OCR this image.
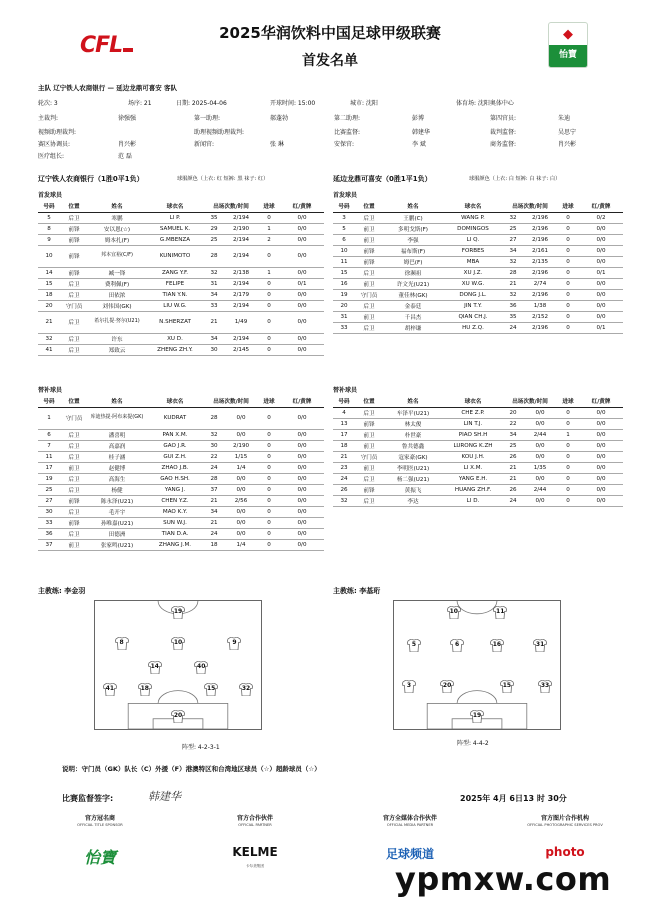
CFL	2025华润饮料中国足球甲级联赛
首发名单
◆
怡寶
主队 辽宁铁人农商银行 — 延边龙鼎可喜安 客队
轮次: 3	场序: 21	日期: 2025-04-06	开球时间: 15:00	城市: 沈阳	体育场: 沈阳奥体中心
主裁判:	徐强强	第一助理:	郝蓬勃	第二助理:	彭博	第四官员:	朱迪
视频助理裁判:	助理视频助理裁判:	比赛监督:	韩建华	裁判监督:	吴思宁
赛区协调员:	肖兴彬	新闻官:	张 琳	安保官:	李 斌	商务监督:	肖兴彬
医疗组长:	范 磊
辽宁铁人农商银行（1胜0平1负）	球服颜色（上衣: 红 短裤: 黑 袜子: 红）	延边龙鼎可喜安（0胜1平1负）	球服颜色（上衣: 白 短裤: 白 袜子: 白）
首发球员	首发球员
替补球员	替补球员
号码	位置	姓名	球衣名	出场次数/时间		进球	红/黄牌
5	后卫	寒鹏	LI P.	35	2/194	0	0/0
8	前锋	安以恩(☆)	SAMUEL K.	29	2/190	1	0/0
9	前锋	姆本扎(F)	G.MBENZA	25	2/194	2	0/0
10	前锋	邦本宜裕(C/F)	KUNIMOTO	28	2/194	0	0/0
14	前锋	臧一锋	ZANG Y.F.	32	2/138	1	0/0
15	后卫	费利佩(F)	FELIPE	31	2/194	0	0/1
18	后卫	田依浓	TIAN Y.N.	34	2/179	0	0/0
20	守门员	刘伟国(GK)	LIU W.G.	33	2/194	0	0/0
21	后卫	希尔扎提·努尔(U21)	N.SHERZAT	21	1/49	0	0/0
32	后卫	许东	XU D.	34	2/194	0	0/0
41	后卫	郑致云	ZHENG ZH.Y.	30	2/145	0	0/0
号码	位置	姓名	球衣名	出场次数/时间		进球	红/黄牌
3	后卫	王鹏(C)	WANG P.	32	2/196	0	0/2
5	前卫	多明戈斯(F)	DOMINGOS	25	2/196	0	0/0
6	前卫	李强	LI Q.	27	2/196	0	0/0
10	前锋	福布斯(F)	FORBES	34	2/161	0	0/0
11	前锋	姆巴(F)	MBA	32	2/135	0	0/0
15	后卫	徐濒祖	XU J.Z.	28	2/196	0	0/1
16	前卫	许文光(U21)	XU W.G.	21	2/74	0	0/0
19	守门员	董佳林(GK)	DONG J.L.	32	2/196	0	0/0
20	后卫	金泰廷	JIN T.Y.	36	1/38	0	0/0
31	前卫	千昌杰	QIAN CH.J.	35	2/152	0	0/0
33	后卫	胡梓谦	HU Z.Q.	24	2/196	0	0/1
号码	位置	姓名	球衣名	出场次数/时间		进球	红/黄牌
1	守门员	库迪热提·阿布来提(GK)	KUDRAT	28	0/0	0	0/0
6	后卫	潘喜明	PAN X.M.	32	0/0	0	0/0
7	后卫	高嘉润	GAO J.R.	30	2/190	0	0/0
11	后卫	桂子涵	GUI Z.H.	22	1/15	0	0/0
17	前卫	赵健博	ZHAO J.B.	24	1/4	0	0/0
19	后卫	高海生	GAO H.SH.	28	0/0	0	0/0
25	后卫	杨健	YANG J.	37	0/0	0	0/0
27	前锋	陈永泽(U21)	CHEN Y.Z.	21	2/56	0	0/0
30	后卫	毛开宇	MAO K.Y.	34	0/0	0	0/0
33	前锋	孙唯嘉(U21)	SUN W.J.	21	0/0	0	0/0
36	后卫	田德洲	TIAN D.A.	24	0/0	0	0/0
37	前卫	张家鸣(U21)	ZHANG J.M.	18	1/4	0	0/0
号码	位置	姓名	球衣名	出场次数/时间		进球	红/黄牌
4	后卫	车泽平(U21)	CHE Z.P.	20	0/0	0	0/0
13	前锋	林太俊	LIN T.J.	22	0/0	0	0/0
17	前卫	朴世豪	PIAO SH.H	34	2/44	1	0/0
18	前卫	鲁共德鑫	LURONG K.ZH	25	0/0	0	0/0
21	守门员	寇家豪(GK)	KOU J.H.	26	0/0	0	0/0
23	前卫	李明医(U21)	LI X.M.	21	1/35	0	0/0
24	后卫	杨二强(U21)	YANG E.H.	21	0/0	0	0/0
26	前锋	黄振飞	HUANG ZH.F.	26	2/44	0	0/0
32	后卫	李达	LI D.	24	0/0	0	0/0
主教练: 李金羽	主教练: 李基珩
19
8	10	9
14	40
41	18	15	32
20
10	11
5	6	16	31
3	20	15	33
19
阵型: 4-2-3-1
阵型: 4-4-2
说明：守门员（GK）队长（C）外援（F）港澳特区和台湾地区球员（☆）超龄球员（☆）
比赛监督签字:	韩建华	2025年 4月 6日13 时 30分
官方冠名商
OFFICIAL TITLE SPONSOR
怡寶
官方合作伙伴
OFFICIAL PARTNER
KELME
官方全媒体合作伙伴
OFFICIAL MEDIA PARTNER
足球频道
官方图片合作机构
OFFICIAL PHOTOGRAPHIC SERVICES PROV
photo
卡尔美集团	ypmxw.com
